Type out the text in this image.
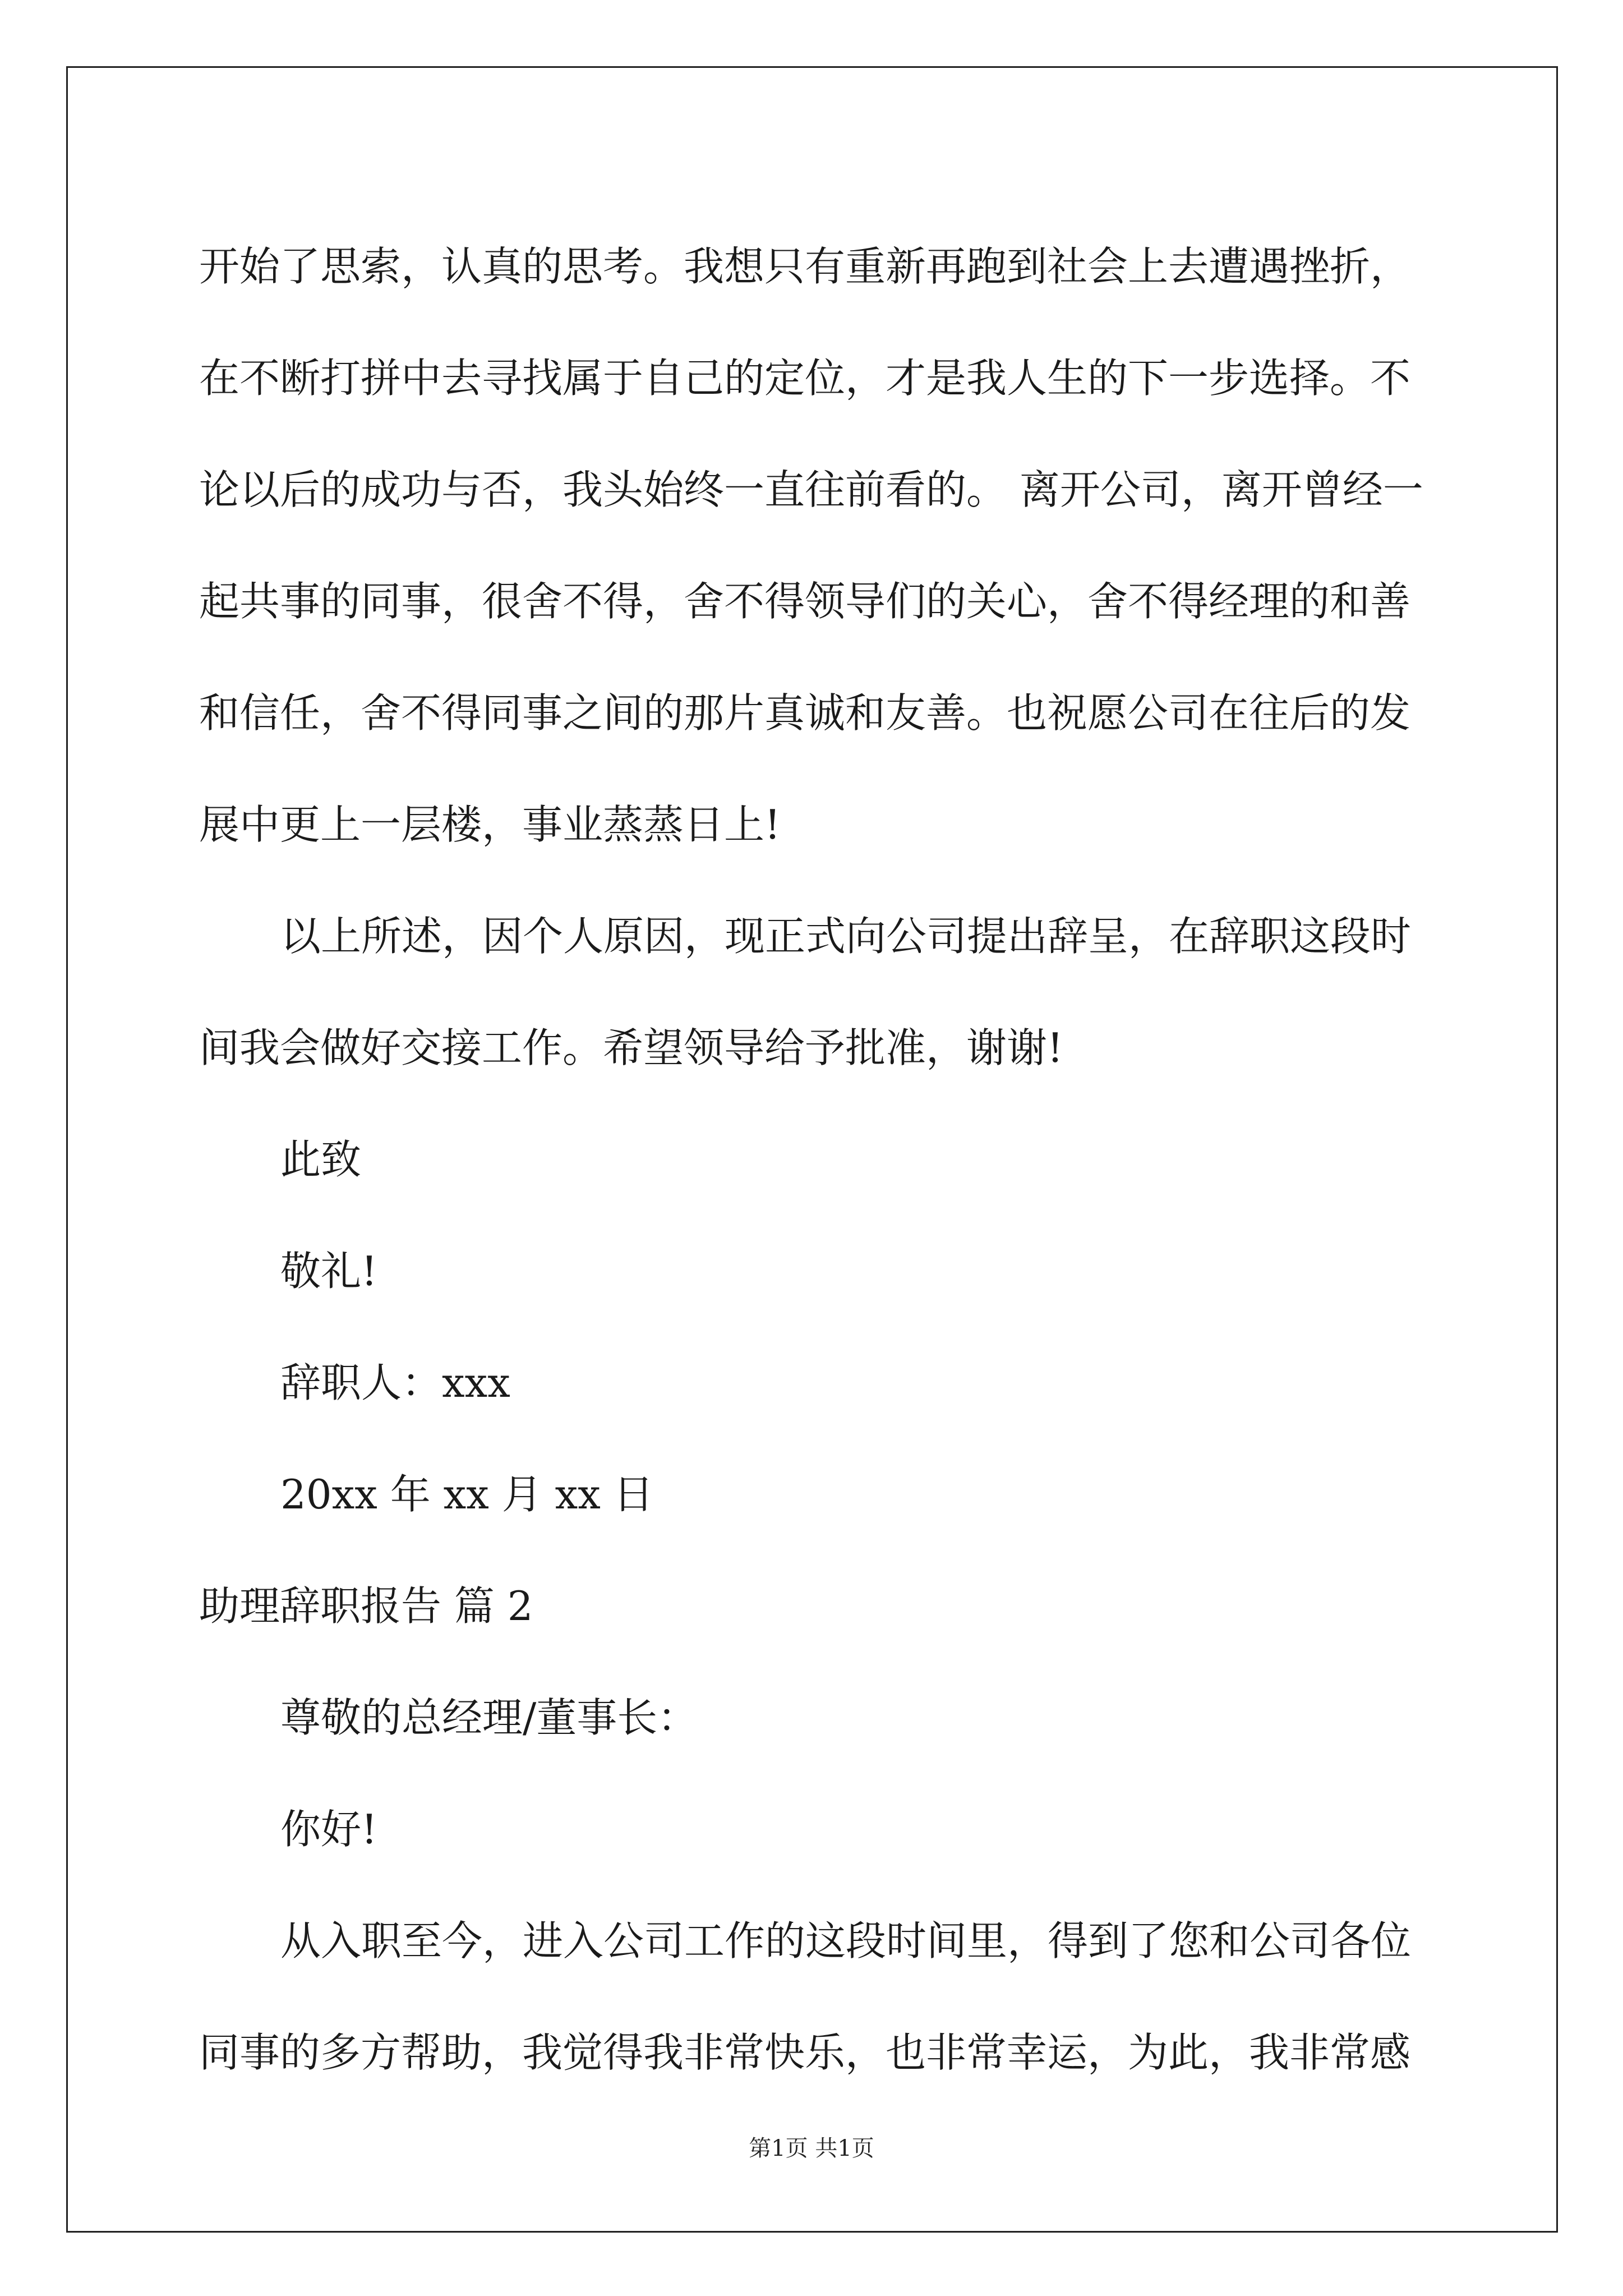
开始了思索，认真的思考。我想只有重新再跑到社会上去遭遇挫折，
在不断打拼中去寻找属于自己的定位，才是我人生的下一步选择。不
论以后的成功与否，我头始终一直往前看的。 离开公司，离开曾经一
起共事的同事，很舍不得，舍不得领导们的关心，舍不得经理的和善
和信任，舍不得同事之间的那片真诚和友善。也祝愿公司在往后的发
展中更上一层楼，事业蒸蒸日上!
以上所述，因个人原因，现正式向公司提出辞呈，在辞职这段时
间我会做好交接工作。希望领导给予批准，谢谢!
此致
敬礼!
辞职人：xxx
20xx 年 xx 月 xx 日
助理辞职报告 篇 2
尊敬的总经理/董事长：
你好!
从入职至今，进入公司工作的这段时间里，得到了您和公司各位
同事的多方帮助，我觉得我非常快乐，也非常幸运，为此，我非常感
第1页 共1页
